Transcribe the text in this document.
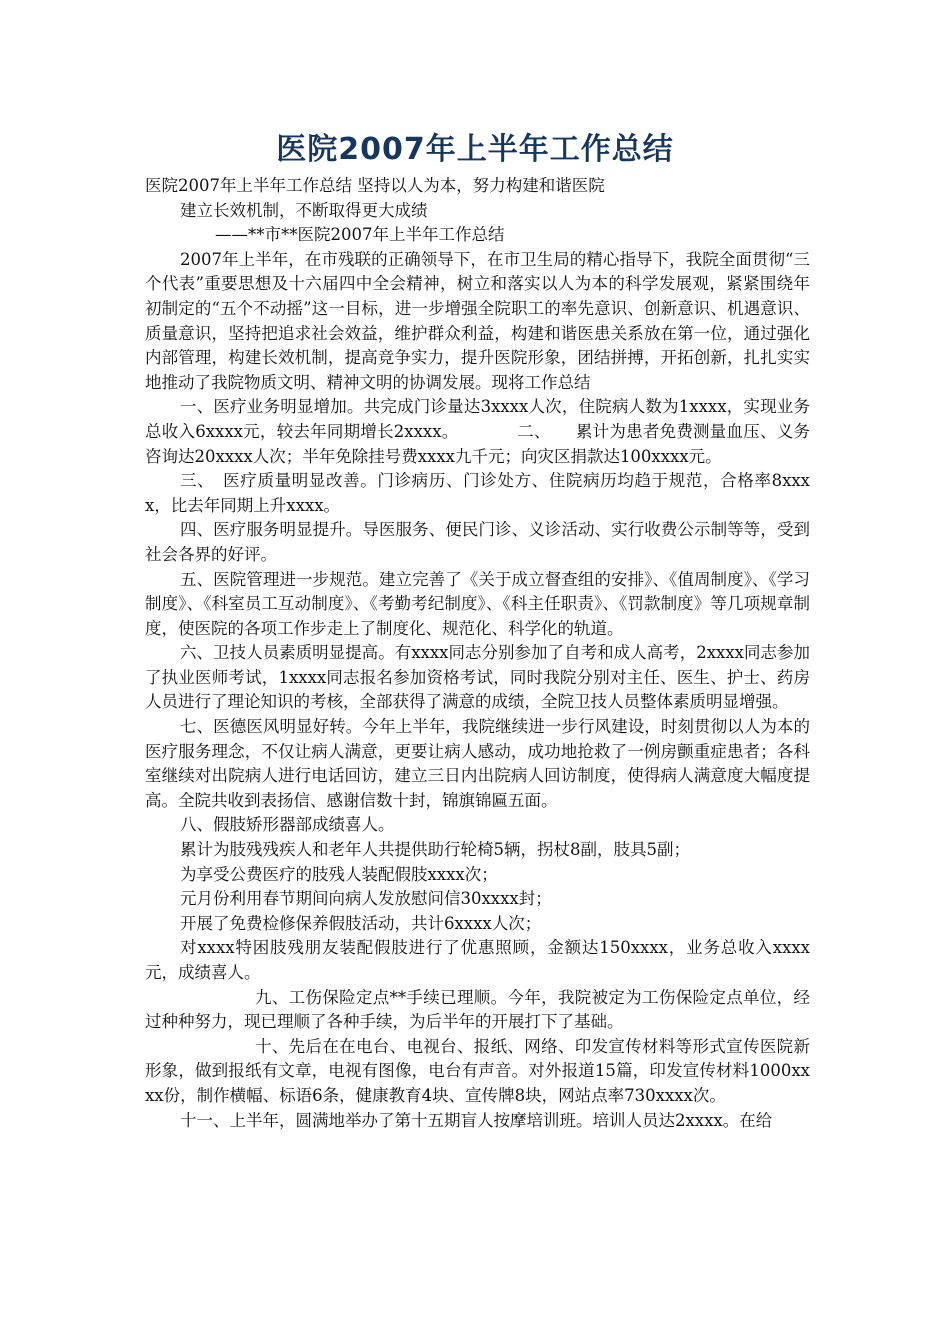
医院2007年上半年工作总结

医院2007年上半年工作总结 坚持以人为本，努力构建和谐医院

建立长效机制，不断取得更大成绩

——**市**医院2007年上半年工作总结

2007年上半年，在市残联的正确领导下，在市卫生局的精心指导下，我院全面贯彻“三个代表”重要思想及十六届四中全会精神，树立和落实以人为本的科学发展观，紧紧围绕年初制定的“五个不动摇”这一目标，进一步增强全院职工的率先意识、创新意识、机遇意识、质量意识，坚持把追求社会效益，维护群众利益，构建和谐医患关系放在第一位，通过强化内部管理，构建长效机制，提高竞争实力，提升医院形象，团结拼搏，开拓创新，扎扎实实地推动了我院物质文明、精神文明的协调发展。现将工作总结

一、医疗业务明显增加。共完成门诊量达3xxxx人次，住院病人数为1xxxx，实现业务总收入6xxxx元，较去年同期增长2xxxx。　　　　二、　　累计为患者免费测量血压、义务咨询达20xxxx人次；半年免除挂号费xxxx九千元；向灾区捐款达100xxxx元。

三、　医疗质量明显改善。门诊病历、门诊处方、住院病历均趋于规范，合格率8xxxx，比去年同期上升xxxx。

四、医疗服务明显提升。导医服务、便民门诊、义诊活动、实行收费公示制等等，受到社会各界的好评。

五、医院管理进一步规范。建立完善了《关于成立督查组的安排》、《值周制度》、《学习制度》、《科室员工互动制度》、《考勤考纪制度》、《科主任职责》、《罚款制度》等几项规章制度，使医院的各项工作步走上了制度化、规范化、科学化的轨道。

六、卫技人员素质明显提高。有xxxx同志分别参加了自考和成人高考，2xxxx同志参加了执业医师考试，1xxxx同志报名参加资格考试，同时我院分别对主任、医生、护士、药房人员进行了理论知识的考核，全部获得了满意的成绩，全院卫技人员整体素质明显增强。

七、医德医风明显好转。今年上半年，我院继续进一步行风建设，时刻贯彻以人为本的医疗服务理念，不仅让病人满意，更要让病人感动，成功地抢救了一例房颤重症患者；各科室继续对出院病人进行电话回访，建立三日内出院病人回访制度，使得病人满意度大幅度提高。全院共收到表扬信、感谢信数十封，锦旗锦匾五面。

八、假肢矫形器部成绩喜人。

累计为肢残残疾人和老年人共提供助行轮椅5辆，拐杖8副，肢具5副；

为享受公费医疗的肢残人装配假肢xxxx次；

元月份利用春节期间向病人发放慰问信30xxxx封；

开展了免费检修保养假肢活动，共计6xxxx人次；

对xxxx特困肢残朋友装配假肢进行了优惠照顾，金额达150xxxx，业务总收入xxxx元，成绩喜人。

九、工伤保险定点**手续已理顺。今年，我院被定为工伤保险定点单位，经过种种努力，现已理顺了各种手续，为后半年的开展打下了基础。

十、先后在在电台、电视台、报纸、网络、印发宣传材料等形式宣传医院新形象，做到报纸有文章，电视有图像，电台有声音。对外报道15篇，印发宣传材料1000xxxx份，制作横幅、标语6条，健康教育4块、宣传牌8块，网站点率730xxxx次。

十一、上半年，圆满地举办了第十五期盲人按摩培训班。培训人员达2xxxx。在给
